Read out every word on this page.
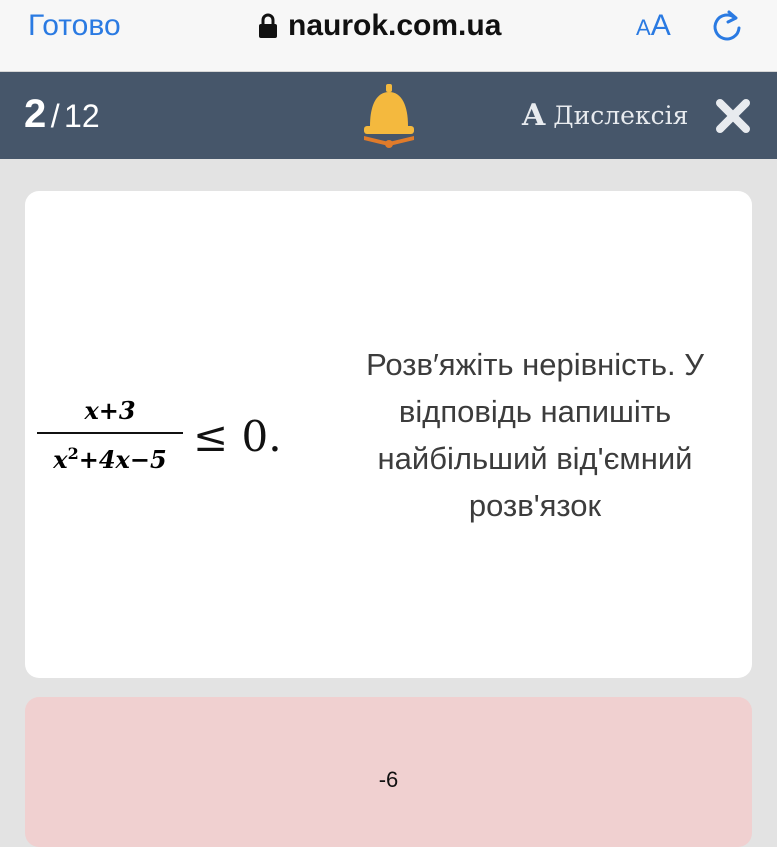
Готово	naurok.com.ua	AA
2 / 12	A Дислексія
x+3
$x^2+4x-5 \le 0$.
Розв′яжіть нерівність. У відповідь напишіть найбільший від'ємний розв'язок
-6
